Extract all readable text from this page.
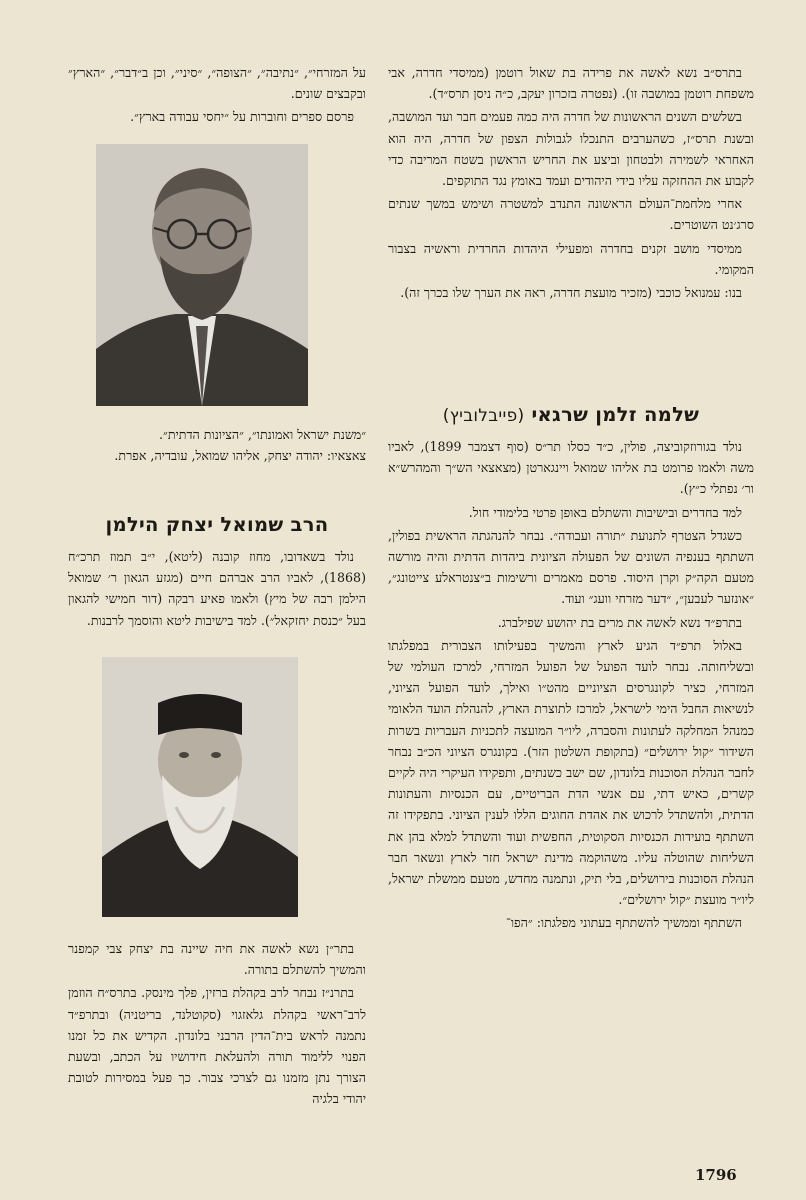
בתרס״ב נשא לאשה את פרידה בת שאול רוטמן (ממיסדי חדרה, אבי משפחת רוטמן במושבה זו). (נפטרה בזכרון יעקב, כ״ה ניסן תרס״ד).

בשלשים השנים הראשונות של חדרה היה כמה פעמים חבר ועד המושבה, ובשנת תרס״ז, כשהערבים התנכלו לגבולות הצפון של חדרה, היה הוא האחראי לשמירה ולבטחון וביצע את החריש הראשון בשטח המריבה כדי לקבוע את ההחזקה עליו בידי היהודים ועמד באומץ נגד התוקפים.

אחרי מלחמת־העולם הראשונה התנדב למשטרה ושימש במשך שנתים סרג׳נט השוטרים.

ממיסדי מושב זקנים בחדרה ומפעילי היהדות החרדית וראשיה בצבור המקומי.

בנו: עמנואל כוכבי (מזכיר מועצת חדרה, ראה את הערך שלו בכרך זה).

שלמה זלמן שרגאי (פייבלוביץ)

נולד בגורוזקוביצה, פולין, כ״ד כסלו תר״ס (סוף דצמבר 1899), לאביו משה ולאמו פרומט בת אליהו שמואל ויינגארטן (מצאצאי הש״ך והמהרש״א ור׳ נפתלי כ״ץ).

למד בחדרים ובישיבות והשתלם באופן פרטי בלימודי חול.

כשגדל הצטרף לתנועת ״תורה ועבודה״. נבחר להנהגתה הראשית בפולין, השתתף בענפיה השונים של הפעולה הציונית ביהדות הדתית והיה מורשה מטעם הקה״ק וקרן היסוד. פרסם מאמרים ורשימות ב״צנטראלע צייטונג״, ״אונזער לעבען״, ״דער מזרחי וועג״ ועוד.

בתרפ״ד נשא לאשה את מרים בת יהושע שפילברג.

באלול תרפ״ד הגיע לארץ והמשיך בפעילותו הצבורית במפלגתו ובשליחותה. נבחר לועד הפועל של הפועל המזרחי, למרכז העולמי של המזרחי, כציר לקונגרסים הציוניים מהט״ו ואילך, לועד הפועל הציוני, לנשיאות החבל הימי לישראל, למרכז לתוצרת הארץ, להנהלת הועד הלאומי כמנהל המחלקה לעתונות והסברה, ליו״ר המועצה לתכניות העבריות בשרות השידור ״קול ירושלים״ (בתקופת השלטון הזר). בקונגרס הציוני הכ״ב נבחר לחבר הנהלת הסוכנות בלונדון, שם ישב כשנתים, ותפקידו העיקרי היה לקיים קשרים, כאיש דתי, עם אנשי הדת הבריטיים, עם הכנסיות והעתונות הדתית, ולהשתדל לרכוש את אהדת החוגים הללו לענין הציוני. בתפקידו זה השתתף בועידות הכנסיות הסקוטית, החפשית ועוד והשתדל למלא בהן את השליחות שהוטלה עליו. משהוקמה מדינת ישראל חזר לארץ ונשאר חבר הנהלת הסוכנות בירושלים, בלי תיק, ונתמנה מחדש, מטעם ממשלת ישראל, ליו״ר מועצת ״קול ירושלים״.

השתתף וממשיך להשתתף בעתוני מפלגתו: ״הפו־

על המזרחי״, ״נתיבה״, ״הצופה״, ״סיני״, וכן ב״דבר״, ״הארץ״ ובקבצים שונים.

פרסם ספרים וחוברות על ״יחסי עבודה בארץ״.

״משנת ישראל ואמונתו״, ״הציונות הדתית״.

צאצאיו: יהודה יצחק, אליהו שמואל, עובדיה, אפרת.

הרב שמואל יצחק הילמן

נולד בשאדובו, מחוז קובנה (ליטא), י״ב תמוז תרכ״ח (1868), לאביו הרב אברהם חיים (מגזע הגאון ר׳ שמואל הילמן רבה של מיץ) ולאמו פאיע רבקה (דור חמישי להגאון בעל ״כנסת יחזקאל״). למד בישיבות ליטא והוסמך לרבנות.

בתר״ן נשא לאשה את חיה שיינה בת יצחק צבי קמפנר והמשיך להשתלם בתורה.

בתרנ״ז נבחר לרב בקהלת ברזין, פלך מינסק. בתרס״ח הוזמן לרב־ראשי בקהלת גלאזגוי (סקוטלנד, בריטניה) ובתרפ״ד נתמנה לראש בית־הדין הרבני בלונדון. הקדיש את כל זמנו הפנוי ללימוד תורה ולהעלאת חידושיו על הכתב, ובשעת הצורך נתן מזמנו גם לצרכי צבור. כך פעל במסירות לטובת יהודי בלגיה

1796
